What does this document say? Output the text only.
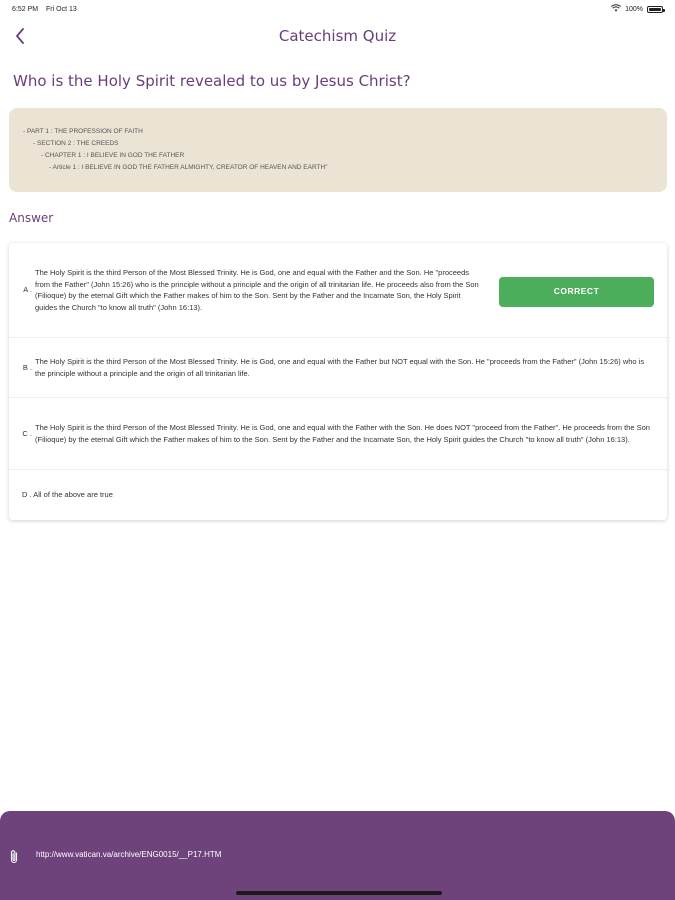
6:52 PM Fri Oct 13	100%
Catechism Quiz
Who is the Holy Spirit revealed to us by Jesus Christ?
- PART 1 : THE PROFESSION OF FAITH
- SECTION 2 : THE CREEDS
- CHAPTER 1 : I BELIEVE IN GOD THE FATHER
- Article 1 : I BELIEVE IN GOD THE FATHER ALMIGHTY, CREATOR OF HEAVEN AND EARTH"
Answer
A .
The Holy Spirit is the third Person of the Most Blessed Trinity. He is God, one and equal with the Father and the Son. He "proceeds from the Father" (John 15:26) who is the principle without a principle and the origin of all trinitarian life. He proceeds also from the Son (Filioque) by the eternal Gift which the Father makes of him to the Son. Sent by the Father and the Incarnate Son, the Holy Spirit guides the Church "to know all truth" (John 16:13).
CORRECT
B .
The Holy Spirit is the third Person of the Most Blessed Trinity. He is God, one and equal with the Father but NOT equal with the Son. He "proceeds from the Father" (John 15:26) who is the principle without a principle and the origin of all trinitarian life.
C .
The Holy Spirit is the third Person of the Most Blessed Trinity. He is God, one and equal with the Father with the Son. He does NOT "proceed from the Father". He proceeds from the Son (Filioque) by the eternal Gift which the Father makes of him to the Son. Sent by the Father and the Incarnate Son, the Holy Spirit guides the Church "to know all truth" (John 16:13).
D . All of the above are true
http://www.vatican.va/archive/ENG0015/__P17.HTM
